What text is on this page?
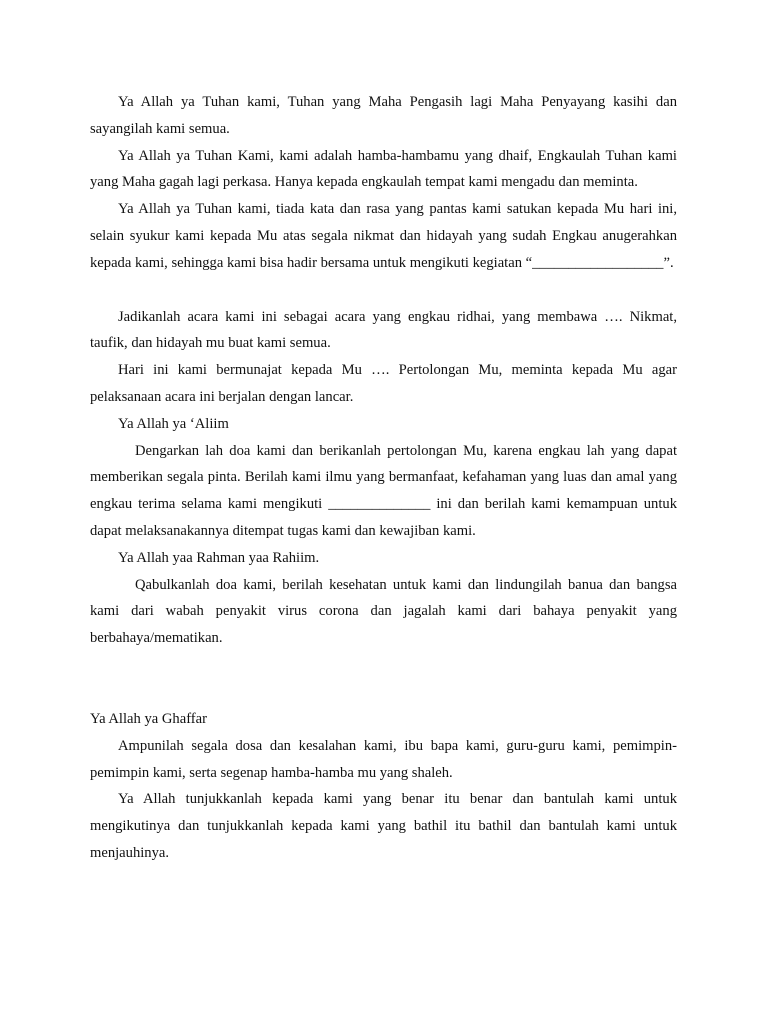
Ya Allah ya Tuhan kami, Tuhan yang Maha Pengasih lagi Maha Penyayang kasihi dan sayangilah kami semua.

Ya Allah ya Tuhan Kami, kami adalah hamba-hambamu yang dhaif, Engkaulah Tuhan kami yang Maha gagah lagi perkasa. Hanya kepada engkaulah tempat kami mengadu dan meminta.

Ya Allah ya Tuhan kami, tiada kata dan rasa yang pantas kami satukan kepada Mu hari ini, selain syukur kami kepada Mu atas segala nikmat dan hidayah yang sudah Engkau anugerahkan kepada kami, sehingga kami bisa hadir bersama untuk mengikuti kegiatan “__________________”.

Jadikanlah acara kami ini sebagai acara yang engkau ridhai, yang membawa …. Nikmat, taufik, dan hidayah mu buat kami semua.

Hari ini kami bermunajat kepada Mu …. Pertolongan Mu, meminta kepada Mu agar pelaksanaan acara ini berjalan dengan lancar.

Ya Allah ya ‘Aliim

Dengarkan lah doa kami dan berikanlah pertolongan Mu, karena engkau lah yang dapat memberikan segala pinta. Berilah kami ilmu yang bermanfaat, kefahaman yang luas dan amal yang engkau terima selama kami mengikuti ______________ ini dan berilah kami kemampuan untuk dapat melaksanakannya ditempat tugas kami dan kewajiban kami.

Ya Allah yaa Rahman yaa Rahiim.

Qabulkanlah doa kami, berilah kesehatan untuk kami dan lindungilah banua dan bangsa kami dari wabah penyakit virus corona dan jagalah kami dari bahaya penyakit yang berbahaya/mematikan.

Ya Allah ya Ghaffar

Ampunilah segala dosa dan kesalahan kami, ibu bapa kami, guru-guru kami, pemimpin-pemimpin kami, serta segenap hamba-hamba mu yang shaleh.

Ya Allah tunjukkanlah kepada kami yang benar itu benar dan bantulah kami untuk mengikutinya dan tunjukkanlah kepada kami yang bathil itu bathil dan bantulah kami untuk menjauhinya.
